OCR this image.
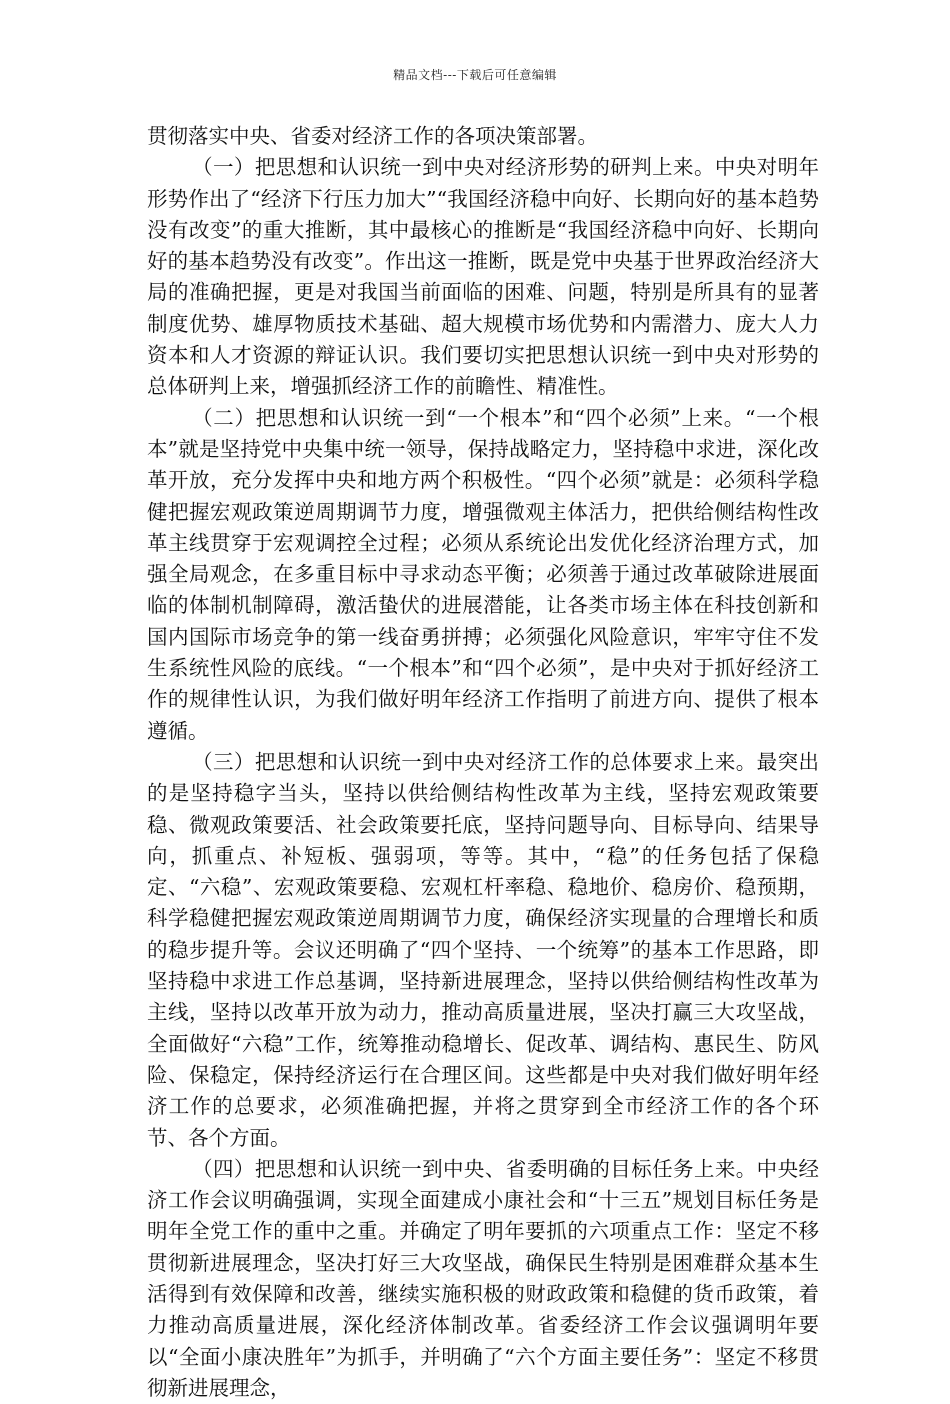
精品文档---下载后可任意编辑

贯彻落实中央、省委对经济工作的各项决策部署。

（一）把思想和认识统一到中央对经济形势的研判上来。中央对明年形势作出了“经济下行压力加大”“我国经济稳中向好、长期向好的基本趋势没有改变”的重大推断，其中最核心的推断是“我国经济稳中向好、长期向好的基本趋势没有改变”。作出这一推断，既是党中央基于世界政治经济大局的准确把握，更是对我国当前面临的困难、问题，特别是所具有的显著制度优势、雄厚物质技术基础、超大规模市场优势和内需潜力、庞大人力资本和人才资源的辩证认识。我们要切实把思想认识统一到中央对形势的总体研判上来，增强抓经济工作的前瞻性、精准性。

（二）把思想和认识统一到“一个根本”和“四个必须”上来。“一个根本”就是坚持党中央集中统一领导，保持战略定力，坚持稳中求进，深化改革开放，充分发挥中央和地方两个积极性。“四个必须”就是：必须科学稳健把握宏观政策逆周期调节力度，增强微观主体活力，把供给侧结构性改革主线贯穿于宏观调控全过程；必须从系统论出发优化经济治理方式，加强全局观念，在多重目标中寻求动态平衡；必须善于通过改革破除进展面临的体制机制障碍，激活蛰伏的进展潜能，让各类市场主体在科技创新和国内国际市场竞争的第一线奋勇拼搏；必须强化风险意识，牢牢守住不发生系统性风险的底线。“一个根本”和“四个必须”，是中央对于抓好经济工作的规律性认识，为我们做好明年经济工作指明了前进方向、提供了根本遵循。

（三）把思想和认识统一到中央对经济工作的总体要求上来。最突出的是坚持稳字当头，坚持以供给侧结构性改革为主线，坚持宏观政策要稳、微观政策要活、社会政策要托底，坚持问题导向、目标导向、结果导向，抓重点、补短板、强弱项，等等。其中，“稳”的任务包括了保稳定、“六稳”、宏观政策要稳、宏观杠杆率稳、稳地价、稳房价、稳预期，科学稳健把握宏观政策逆周期调节力度，确保经济实现量的合理增长和质的稳步提升等。会议还明确了“四个坚持、一个统筹”的基本工作思路，即坚持稳中求进工作总基调，坚持新进展理念，坚持以供给侧结构性改革为主线，坚持以改革开放为动力，推动高质量进展，坚决打赢三大攻坚战，全面做好“六稳”工作，统筹推动稳增长、促改革、调结构、惠民生、防风险、保稳定，保持经济运行在合理区间。这些都是中央对我们做好明年经济工作的总要求，必须准确把握，并将之贯穿到全市经济工作的各个环节、各个方面。

（四）把思想和认识统一到中央、省委明确的目标任务上来。中央经济工作会议明确强调，实现全面建成小康社会和“十三五”规划目标任务是明年全党工作的重中之重。并确定了明年要抓的六项重点工作：坚定不移贯彻新进展理念，坚决打好三大攻坚战，确保民生特别是困难群众基本生活得到有效保障和改善，继续实施积极的财政政策和稳健的货币政策，着力推动高质量进展，深化经济体制改革。省委经济工作会议强调明年要以“全面小康决胜年”为抓手，并明确了“六个方面主要任务”：坚定不移贯彻新进展理念，
